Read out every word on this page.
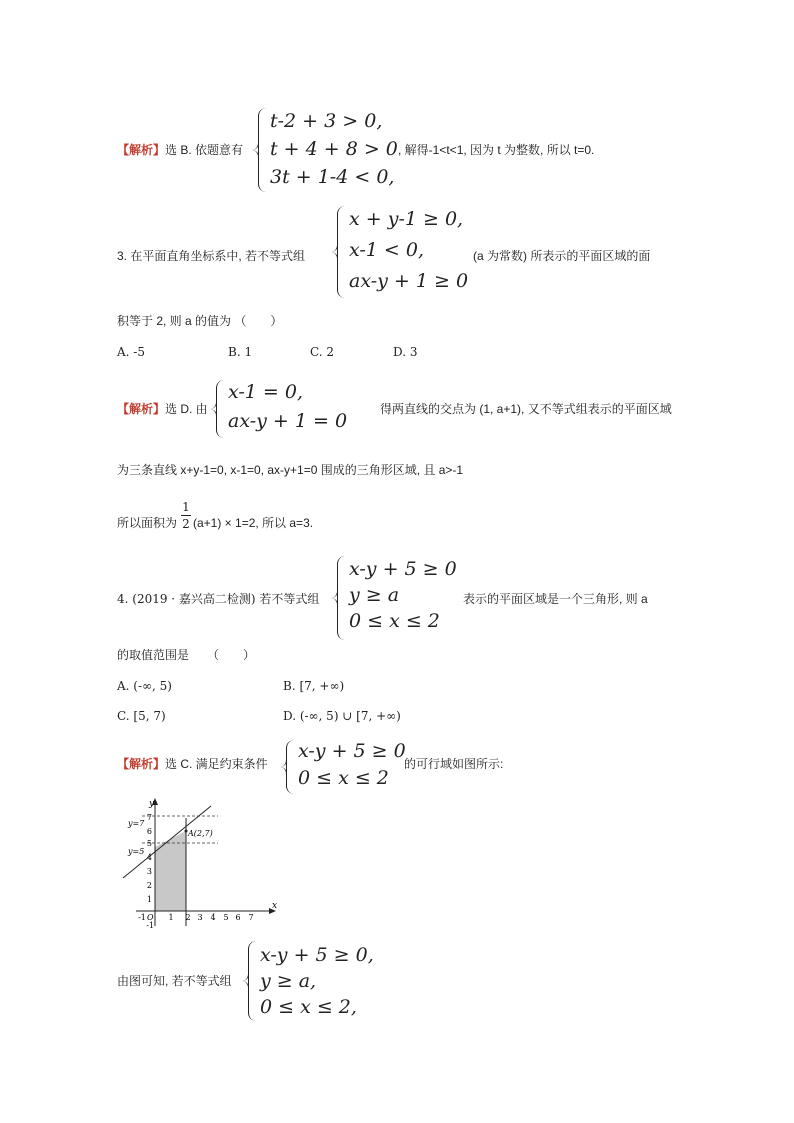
【解析】选 B. 依题意有
t-2 + 3 > 0,
t + 4 + 8 > 0
3t + 1-4 < 0,
, 解得-1<t<1, 因为 t 为整数, 所以 t=0.
3. 在平面直角坐标系中, 若不等式组
x + y-1 ≥ 0,
x-1 < 0,
ax-y + 1 ≥ 0
(a 为常数) 所表示的平面区域的面
积等于 2, 则 a 的值为 （　　）
A. -5	B. 1	C. 2	D. 3
【解析】选 D. 由
x-1 = 0,
ax-y + 1 = 0
得两直线的交点为 (1, a+1), 又不等式组表示的平面区域
为三条直线 x+y-1=0, x-1=0, ax-y+1=0 围成的三角形区域, 且 a>-1
所以面积为
1
2 (a+1) × 1=2, 所以 a=3.
4. (2019 · 嘉兴高二检测) 若不等式组
x-y + 5 ≥ 0
y ≥ a
0 ≤ x ≤ 2
表示的平面区域是一个三角形, 则 a
的取值范围是　　（　　）
A. (-∞, 5)	B. [7, +∞)
C. [5, 7)	D. (-∞, 5) ∪ [7, +∞)
【解析】选 C. 满足约束条件
x-y + 5 ≥ 0
0 ≤ x ≤ 2
的可行域如图所示:
y
x
y=7
y=5
A(2,7)
O
7
6
5
4
3
2
1
-1
-1	1 2 3 4 5 6 7
由图可知, 若不等式组
x-y + 5 ≥ 0,
y ≥ a,
0 ≤ x ≤ 2,
